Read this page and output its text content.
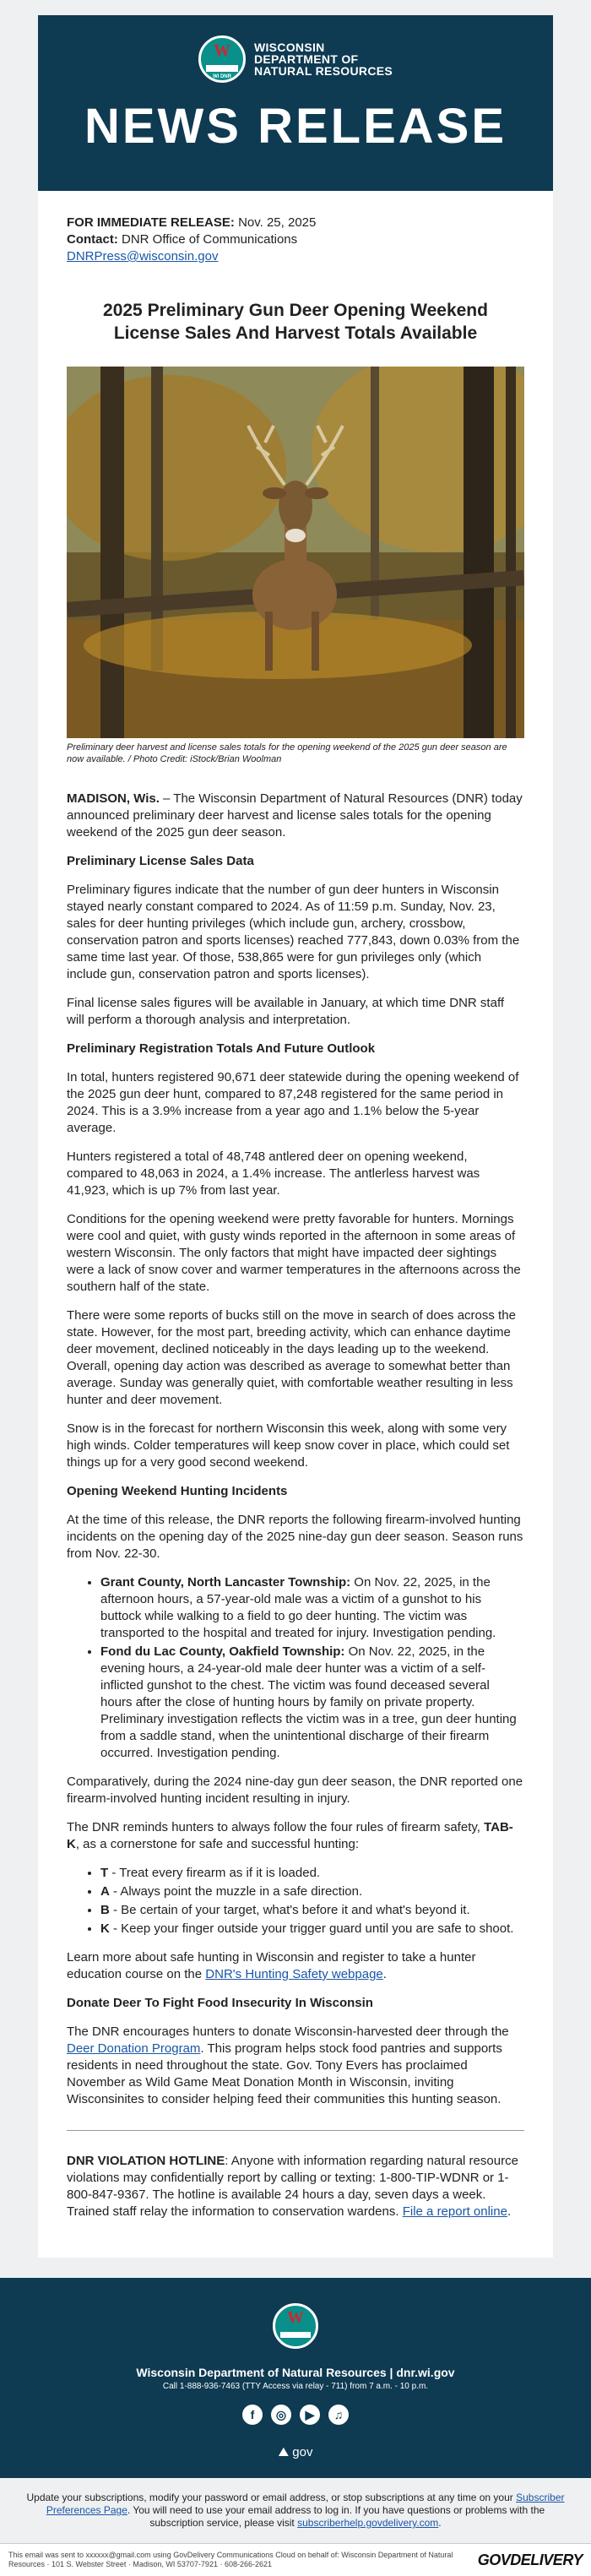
W
WI DNR
WISCONSIN
DEPARTMENT OF
NATURAL RESOURCES
NEWS RELEASE
FOR IMMEDIATE RELEASE: Nov. 25, 2025
Contact: DNR Office of Communications
DNRPress@wisconsin.gov
2025 Preliminary Gun Deer Opening Weekend License Sales And Harvest Totals Available
Preliminary deer harvest and license sales totals for the opening weekend of the 2025 gun deer season are now available. / Photo Credit: iStock/Brian Woolman

MADISON, Wis. – The Wisconsin Department of Natural Resources (DNR) today announced preliminary deer harvest and license sales totals for the opening weekend of the 2025 gun deer season.

Preliminary License Sales Data

Preliminary figures indicate that the number of gun deer hunters in Wisconsin stayed nearly constant compared to 2024. As of 11:59 p.m. Sunday, Nov. 23, sales for deer hunting privileges (which include gun, archery, crossbow, conservation patron and sports licenses) reached 777,843, down 0.03% from the same time last year. Of those, 538,865 were for gun privileges only (which include gun, conservation patron and sports licenses).

Final license sales figures will be available in January, at which time DNR staff will perform a thorough analysis and interpretation.

Preliminary Registration Totals And Future Outlook

In total, hunters registered 90,671 deer statewide during the opening weekend of the 2025 gun deer hunt, compared to 87,248 registered for the same period in 2024. This is a 3.9% increase from a year ago and 1.1% below the 5-year average.

Hunters registered a total of 48,748 antlered deer on opening weekend, compared to 48,063 in 2024, a 1.4% increase. The antlerless harvest was 41,923, which is up 7% from last year.

Conditions for the opening weekend were pretty favorable for hunters. Mornings were cool and quiet, with gusty winds reported in the afternoon in some areas of western Wisconsin. The only factors that might have impacted deer sightings were a lack of snow cover and warmer temperatures in the afternoons across the southern half of the state.

There were some reports of bucks still on the move in search of does across the state. However, for the most part, breeding activity, which can enhance daytime deer movement, declined noticeably in the days leading up to the weekend. Overall, opening day action was described as average to somewhat better than average. Sunday was generally quiet, with comfortable weather resulting in less hunter and deer movement.

Snow is in the forecast for northern Wisconsin this week, along with some very high winds. Colder temperatures will keep snow cover in place, which could set things up for a very good second weekend.

Opening Weekend Hunting Incidents

At the time of this release, the DNR reports the following firearm-involved hunting incidents on the opening day of the 2025 nine-day gun deer season. Season runs from Nov. 22-30.

• Grant County, North Lancaster Township: On Nov. 22, 2025, in the afternoon hours, a 57-year-old male was a victim of a gunshot to his buttock while walking to a field to go deer hunting. The victim was transported to the hospital and treated for injury. Investigation pending.
• Fond du Lac County, Oakfield Township: On Nov. 22, 2025, in the evening hours, a 24-year-old male deer hunter was a victim of a self-inflicted gunshot to the chest. The victim was found deceased several hours after the close of hunting hours by family on private property. Preliminary investigation reflects the victim was in a tree, gun deer hunting from a saddle stand, when the unintentional discharge of their firearm occurred. Investigation pending.

Comparatively, during the 2024 nine-day gun deer season, the DNR reported one firearm-involved hunting incident resulting in injury.

The DNR reminds hunters to always follow the four rules of firearm safety, TAB-K, as a cornerstone for safe and successful hunting:

• T - Treat every firearm as if it is loaded.
• A - Always point the muzzle in a safe direction.
• B - Be certain of your target, what's before it and what's beyond it.
• K - Keep your finger outside your trigger guard until you are safe to shoot.

Learn more about safe hunting in Wisconsin and register to take a hunter education course on the DNR's Hunting Safety webpage.

Donate Deer To Fight Food Insecurity In Wisconsin

The DNR encourages hunters to donate Wisconsin-harvested deer through the Deer Donation Program. This program helps stock food pantries and supports residents in need throughout the state. Gov. Tony Evers has proclaimed November as Wild Game Meat Donation Month in Wisconsin, inviting Wisconsinites to consider helping feed their communities this hunting season.

DNR VIOLATION HOTLINE: Anyone with information regarding natural resource violations may confidentially report by calling or texting: 1-800-TIP-WDNR or 1-800-847-9367. The hotline is available 24 hours a day, seven days a week. Trained staff relay the information to conservation wardens. File a report online.

W
Wisconsin Department of Natural Resources | dnr.wi.gov
Call 1-888-936-7463 (TTY Access via relay - 711) from 7 a.m. - 10 p.m.
f	◎	▶	♫
⛰ gov
Update your subscriptions, modify your password or email address, or stop subscriptions at any time on your Subscriber Preferences Page. You will need to use your email address to log in. If you have questions or problems with the subscription service, please visit subscriberhelp.govdelivery.com.
This email was sent to xxxxxx@gmail.com using GovDelivery Communications Cloud on behalf of: Wisconsin Department of Natural Resources · 101 S. Webster Street · Madison, WI 53707-7921 · 608-266-2621	GOVDELIVERY
